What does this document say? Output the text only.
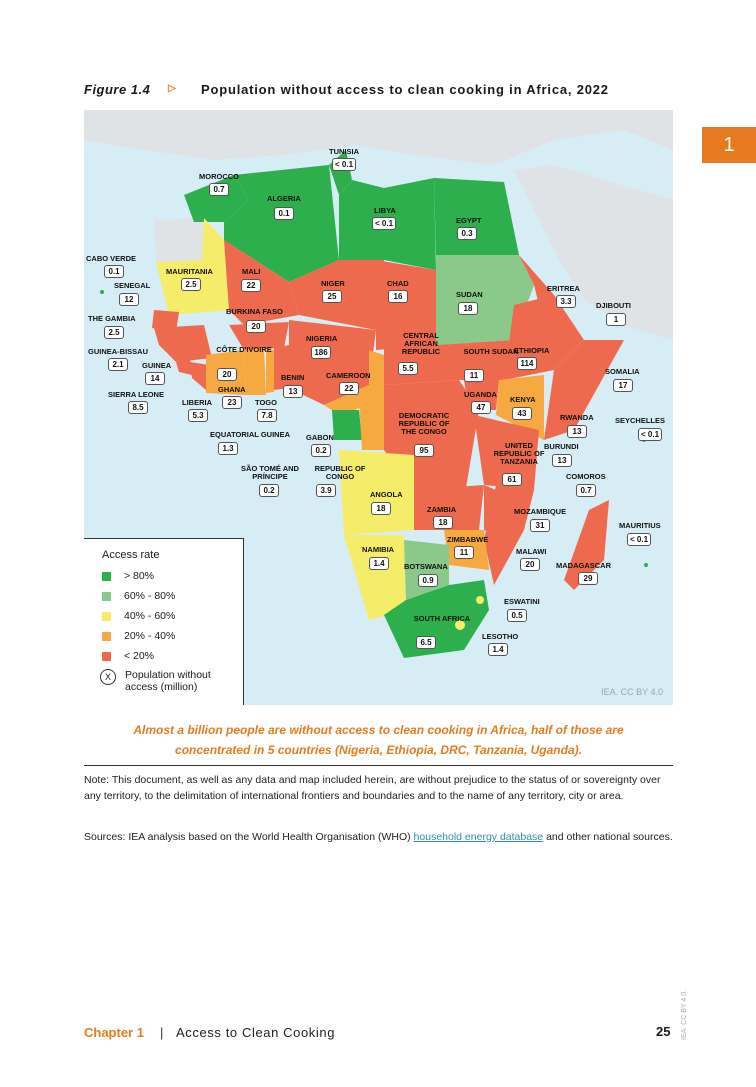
1
Figure 1.4 ▷ Population without access to clean cooking in Africa, 2022
TUNISIA
< 0.1
MOROCCO
0.7
ALGERIA
0.1	LIBYA
< 0.1	EGYPT
0.3
CABO VERDE
0.1
SENEGAL
12
MAURITANIA
2.5
MALI
22	NIGER
25
CHAD
16	SUDAN
18
ERITREA
3.3	DJIBOUTI
1
THE GAMBIA
2.5
BURKINA FASO
20
NIGERIA
186
CENTRAL AFRICAN REPUBLIC
5.5
SOUTH SUDAN
11
ETHIOPIA
114
GUINEA-BISSAU
2.1	GUINEA
14
CÔTE D'IVOIRE
20
SIERRA LEONE
8.5
LIBERIA
5.3
GHANA
23	TOGO
7.8
BENIN
13
CAMEROON
22
SOMALIA
17
UGANDA
47
KENYA
43	RWANDA
13
SEYCHELLES
< 0.1
EQUATORIAL GUINEA
1.3
GABON
0.2
DEMOCRATIC REPUBLIC OF THE CONGO
95	BURUNDI
13
UNITED REPUBLIC OF TANZANIA
61
SÃO TOMÉ AND PRÍNCIPE
0.2
REPUBLIC OF CONGO
3.9
COMOROS
0.7
ANGOLA
18	ZAMBIA
18
MOZAMBIQUE
31	MAURITIUS
< 0.1
ZIMBABWE
11
NAMIBIA
1.4
MALAWI
20	MADAGASCAR
29
BOTSWANA
0.9
ESWATINI
0.5
SOUTH AFRICA
6.5
LESOTHO
1.4
Access rate
> 80%
60% - 80%
40% - 60%
20% - 40%
< 20%
X	Population without
access (million)	IEA. CC BY 4.0
Almost a billion people are without access to clean cooking in Africa, half of those are
concentrated in 5 countries (Nigeria, Ethiopia, DRC, Tanzania, Uganda).
Note: This document, as well as any data and map included herein, are without prejudice to the status of or sovereignty over any territory, to the delimitation of international frontiers and boundaries and to the name of any territory, city or area.
Sources: IEA analysis based on the World Health Organisation (WHO) household energy database and other national sources.
Chapter 1 | Access to Clean Cooking	25 IEA. CC BY 4.0.
